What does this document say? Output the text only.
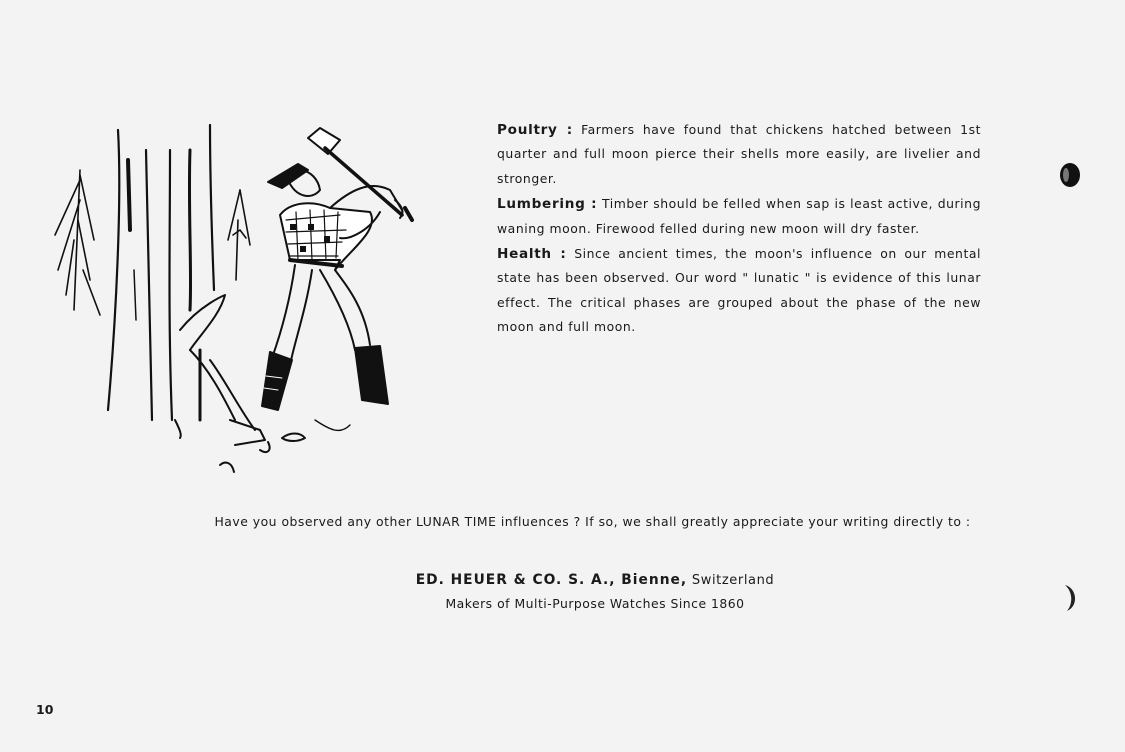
Poultry : Farmers have found that chickens hatched between 1st quarter and full moon pierce their shells more easily, are livelier and stronger.

Lumbering : Timber should be felled when sap is least active, during waning moon. Firewood felled during new moon will dry faster.

Health : Since ancient times, the moon's influence on our mental state has been observed. Our word " lunatic " is evidence of this lunar effect. The critical phases are grouped about the phase of the new moon and full moon.

Have you observed any other LUNAR TIME influences ? If so, we shall greatly appreciate your writing directly to :
ED. HEUER & CO. S. A., Bienne, Switzerland
Makers of Multi-Purpose Watches Since 1860
10
